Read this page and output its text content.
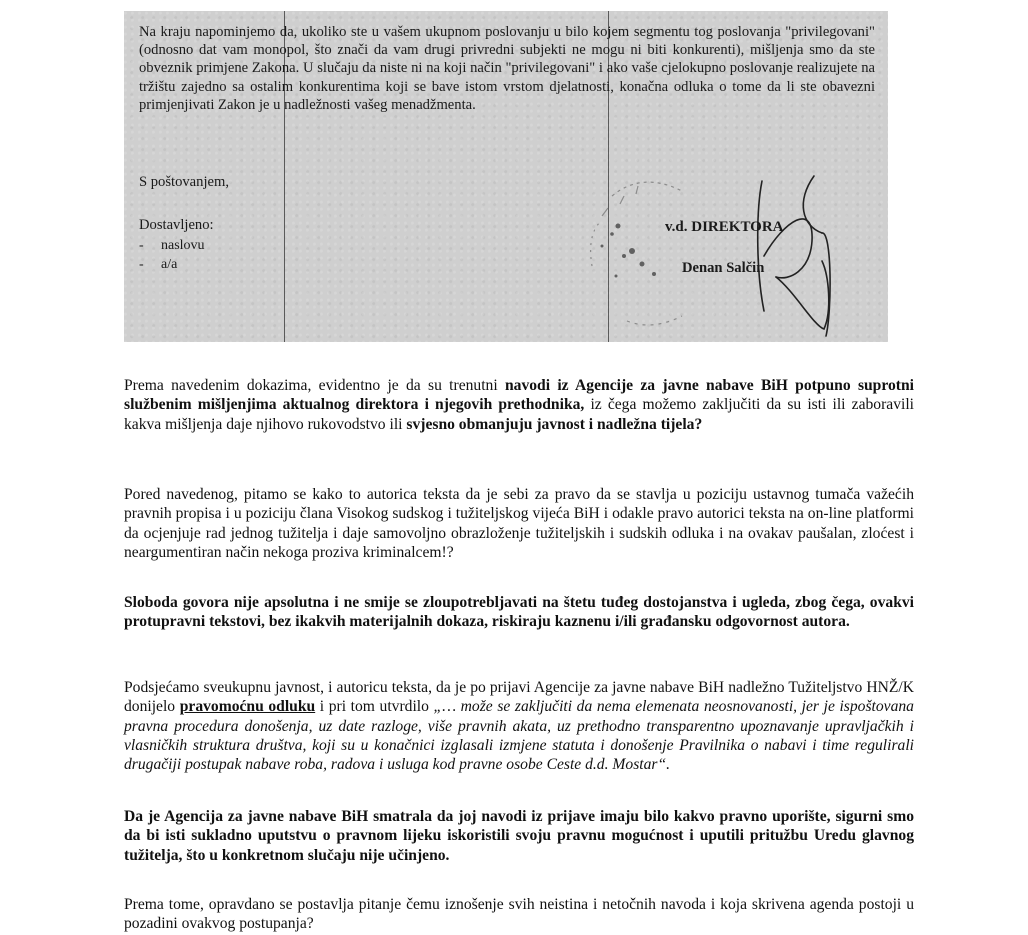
Na kraju napominjemo da, ukoliko ste u vašem ukupnom poslovanju u bilo kojem segmentu tog poslovanja "privilegovani" (odnosno dat vam monopol, što znači da vam drugi privredni subjekti ne mogu ni biti konkurenti), mišljenja smo da ste obveznik primjene Zakona. U slučaju da niste ni na koji način "privilegovani" i ako vaše cjelokupno poslovanje realizujete na tržištu zajedno sa ostalim konkurentima koji se bave istom vrstom djelatnosti, konačna odluka o tome da li ste obavezni primjenjivati Zakon je u nadležnosti vašeg menadžmenta.
S poštovanjem,
Dostavljeno:
- naslovu
- a/a
v.d. DIREKTORA
Denan Salčin
Prema navedenim dokazima, evidentno je da su trenutni navodi iz Agencije za javne nabave BiH potpuno suprotni službenim mišljenjima aktualnog direktora i njegovih prethodnika, iz čega možemo zaključiti da su isti ili zaboravili kakva mišljenja daje njihovo rukovodstvo ili svjesno obmanjuju javnost i nadležna tijela?
Pored navedenog, pitamo se kako to autorica teksta da je sebi za pravo da se stavlja u poziciju ustavnog tumača važećih pravnih propisa i u poziciju člana Visokog sudskog i tužiteljskog vijeća BiH i odakle pravo autorici teksta na on-line platformi da ocjenjuje rad jednog tužitelja i daje samovoljno obrazloženje tužiteljskih i sudskih odluka i na ovakav paušalan, zloćest i neargumentiran način nekoga proziva kriminalcem!?
Sloboda govora nije apsolutna i ne smije se zloupotrebljavati na štetu tuđeg dostojanstva i ugleda, zbog čega, ovakvi protupravni tekstovi, bez ikakvih materijalnih dokaza, riskiraju kaznenu i/ili građansku odgovornost autora.
Podsjećamo sveukupnu javnost, i autoricu teksta, da je po prijavi Agencije za javne nabave BiH nadležno Tužiteljstvo HNŽ/K donijelo pravomoćnu odluku i pri tom utvrdilo „… može se zaključiti da nema elemenata neosnovanosti, jer je ispoštovana pravna procedura donošenja, uz date razloge, više pravnih akata, uz prethodno transparentno upoznavanje upravljačkih i vlasničkih struktura društva, koji su u konačnici izglasali izmjene statuta i donošenje Pravilnika o nabavi i time regulirali drugačiji postupak nabave roba, radova i usluga kod pravne osobe Ceste d.d. Mostar“.
Da je Agencija za javne nabave BiH smatrala da joj navodi iz prijave imaju bilo kakvo pravno uporište, sigurni smo da bi isti sukladno uputstvu o pravnom lijeku iskoristili svoju pravnu mogućnost i uputili pritužbu Uredu glavnog tužitelja, što u konkretnom slučaju nije učinjeno.
Prema tome, opravdano se postavlja pitanje čemu iznošenje svih neistina i netočnih navoda i koja skrivena agenda postoji u pozadini ovakvog postupanja?
